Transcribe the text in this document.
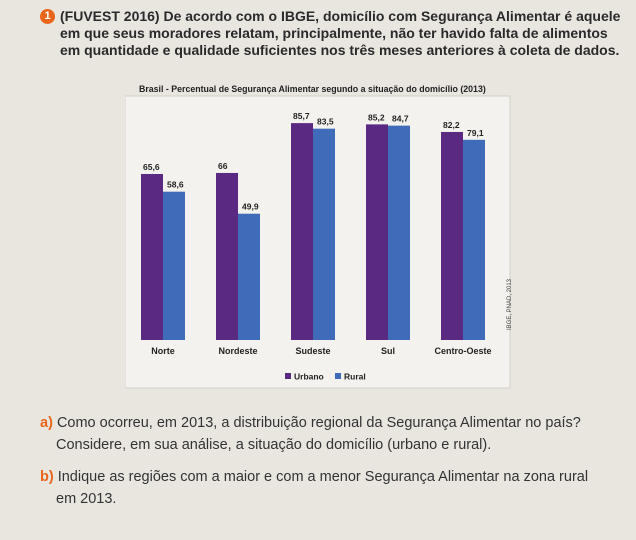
1 (FUVEST 2016) De acordo com o IBGE, domicílio com Segurança Alimentar é aquele
em que seus moradores relatam, principalmente, não ter havido falta de alimentos
em quantidade e qualidade suficientes nos três meses anteriores à coleta de dados.
Brasil - Percentual de Segurança Alimentar segundo a situação do domicílio (2013)
65,6
58,6
Norte
66
49,9
Nordeste
85,7
83,5
Sudeste
85,2 84,7
Sul
82,2
79,1
Centro-Oeste
Urbano Rural
IBGE, PNAD, 2013
a) Como ocorreu, em 2013, a distribuição regional da Segurança Alimentar no país?
Considere, em sua análise, a situação do domicílio (urbano e rural).
b) Indique as regiões com a maior e com a menor Segurança Alimentar na zona rural
em 2013.
